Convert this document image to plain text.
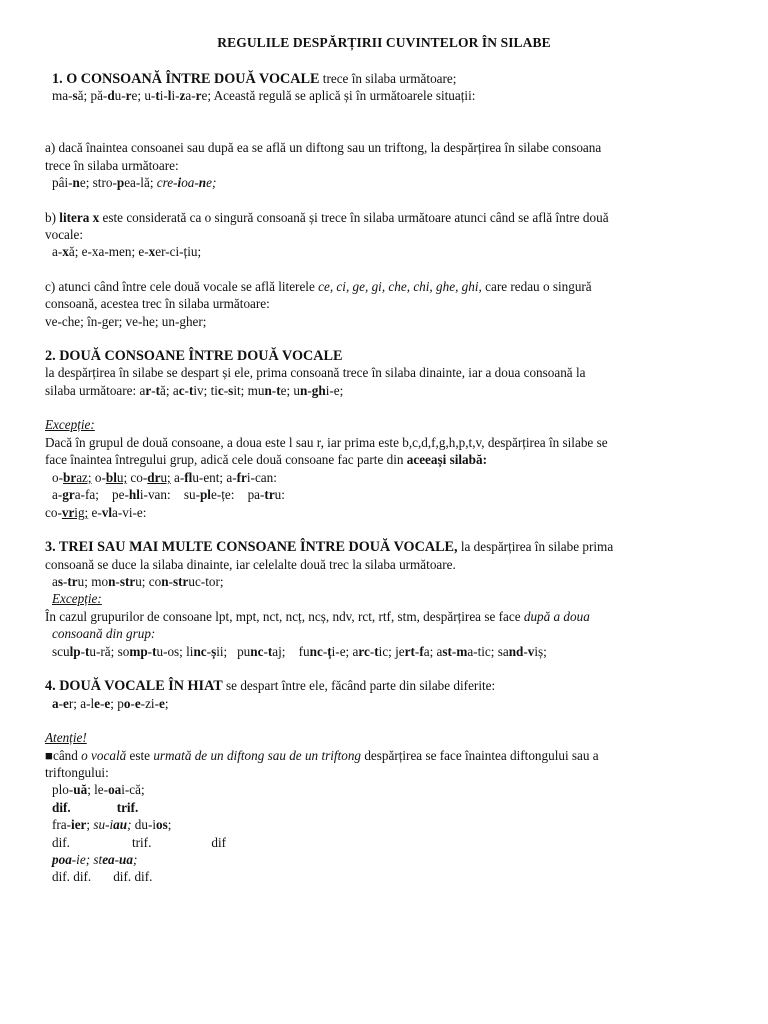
REGULILE DESPĂRȚIRII CUVINTELOR ÎN SILABE
1. O CONSOANĂ ÎNTRE DOUĂ VOCALE trece în silaba următoare;
ma-să; pă-du-re; u-ti-li-za-re; Această regulă se aplică și în următoarele situații:
a) dacă înaintea consoanei sau după ea se află un diftong sau un triftong, la despărțirea în silabe consoana
trece în silaba următoare:
pâi-ne; stro-pea-lă; cre-ioa-ne;
b) litera x este considerată ca o singură consoană și trece în silaba următoare atunci când se află între două
vocale:
a-xă; e-xa-men; e-xer-ci-țiu;
c) atunci când între cele două vocale se află literele ce, ci, ge, gi, che, chi, ghe, ghi, care redau o singură
consoană, acestea trec în silaba următoare:
ve-che; în-ger; ve-he; un-gher;
2. DOUĂ CONSOANE ÎNTRE DOUĂ VOCALE
la despărțirea în silabe se despart și ele, prima consoană trece în silaba dinainte, iar a doua consoană la
silaba următoare: ar-tă; ac-tiv; tic-sit; mun-te; un-ghi-e;
Excepție:
Dacă în grupul de două consoane, a doua este l sau r, iar prima este b,c,d,f,g,h,p,t,v, despărțirea în silabe se
face înaintea întregului grup, adică cele două consoane fac parte din aceeași silabă:
o-braz; o-blu; co-dru; a-flu-ent; a-fri-can:
a-gra-fa;    pe-hli-van:    su-ple-țe:    pa-tru:
co-vrig; e-vla-vi-e:
3. TREI SAU MAI MULTE CONSOANE ÎNTRE DOUĂ VOCALE, la despărțirea în silabe prima
consoană se duce la silaba dinainte, iar celelalte două trec la silaba următoare.
as-tru; mon-stru; con-struc-tor;
Excepție:
În cazul grupurilor de consoane lpt, mpt, nct, ncț, ncș, ndv, rct, rtf, stm, despărțirea se face după a doua
consoană din grup:
sculp-tu-ră; somp-tu-os; linc-șii;   punc-taj;    func-ți-e; arc-tic; jert-fa; ast-ma-tic; sand-viș;
4. DOUĂ VOCALE ÎN HIAT se despart între ele, făcând parte din silabe diferite:
a-er; a-le-e; po-e-zi-e;
Atenție!
■când o vocală este urmată de un diftong sau de un triftong despărțirea se face înaintea diftongului sau a
triftongului:
plo-uă; le-oai-că;
dif.	trif.
fra-ier; su-iau; du-ios;
dif.	trif.	dif
poa-ie; stea-ua;
dif. dif. dif. dif.
